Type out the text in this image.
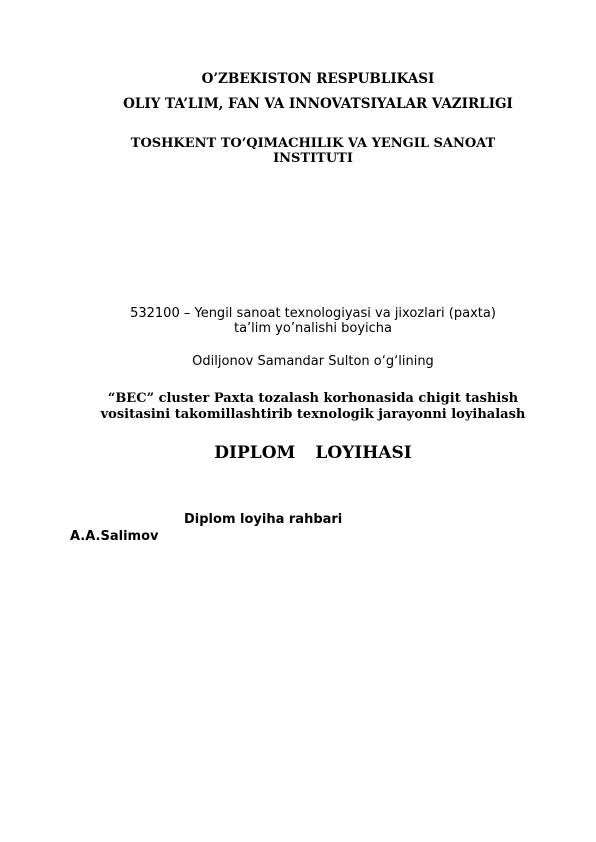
O’ZBEKISTON RESPUBLIKASI
OLIY TA’LIM, FAN VA INNOVATSIYALAR VAZIRLIGI
TOSHKENT TO’QIMACHILIK VA YENGIL SANOAT
INSTITUTI
532100 – Yengil sanoat texnologiyasi va jixozlari (paxta)
ta’lim yo’nalishi boyicha
Odiljonov Samandar Sulton o‘g‘lining
“BEC” cluster Paxta tozalash korhonasida chigit tashish
vositasini takomillashtirib texnologik jarayonni loyihalash
DIPLOM LOYIHASI
Diplom loyiha rahbari
A.A.Salimov
